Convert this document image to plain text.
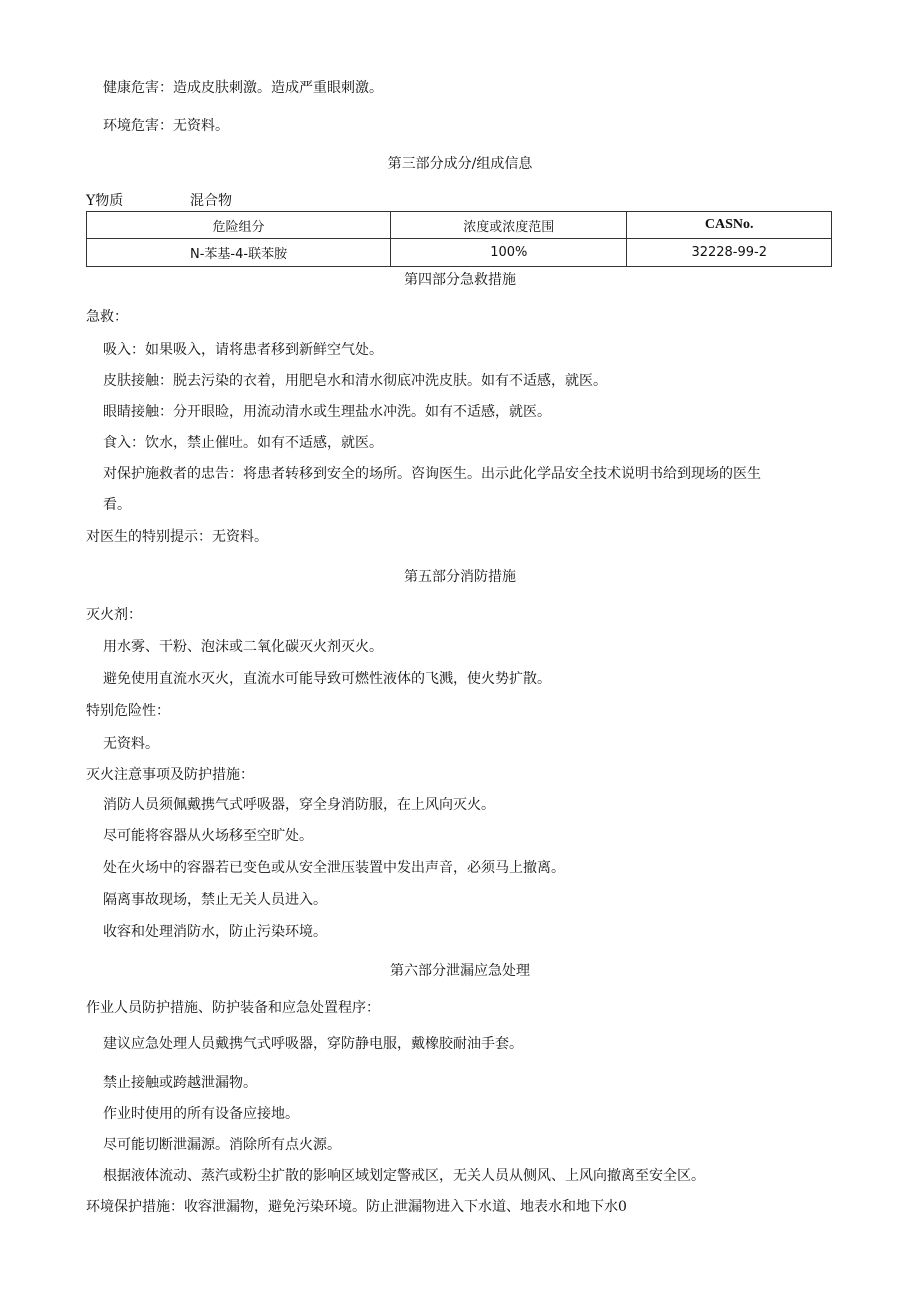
健康危害：造成皮肤刺激。造成严重眼刺激。

环境危害：无资料。

第三部分成分/组成信息

Y物质	混合物
危险组分	浓度或浓度范围	CASNo.
N-苯基-4-联苯胺	100%	32228-99-2

第四部分急救措施

急救：

吸入：如果吸入，请将患者移到新鲜空气处。

皮肤接触：脱去污染的衣着，用肥皂水和清水彻底冲洗皮肤。如有不适感，就医。

眼睛接触：分开眼睑，用流动清水或生理盐水冲洗。如有不适感，就医。

食入：饮水，禁止催吐。如有不适感，就医。

对保护施救者的忠告：将患者转移到安全的场所。咨询医生。出示此化学品安全技术说明书给到现场的医生

看。

对医生的特别提示：无资料。

第五部分消防措施

灭火剂：

用水雾、干粉、泡沫或二氧化碳灭火剂灭火。

避免使用直流水灭火，直流水可能导致可燃性液体的飞溅，使火势扩散。

特别危险性：

无资料。

灭火注意事项及防护措施：

消防人员须佩戴携气式呼吸器，穿全身消防服，在上风向灭火。

尽可能将容器从火场移至空旷处。

处在火场中的容器若已变色或从安全泄压装置中发出声音，必须马上撤离。

隔离事故现场，禁止无关人员进入。

收容和处理消防水，防止污染环境。

第六部分泄漏应急处理

作业人员防护措施、防护装备和应急处置程序：

建议应急处理人员戴携气式呼吸器，穿防静电服，戴橡胶耐油手套。

禁止接触或跨越泄漏物。

作业时使用的所有设备应接地。

尽可能切断泄漏源。消除所有点火源。

根据液体流动、蒸汽或粉尘扩散的影响区域划定警戒区，无关人员从侧风、上风向撤离至安全区。

环境保护措施：收容泄漏物，避免污染环境。防止泄漏物进入下水道、地表水和地下水0
